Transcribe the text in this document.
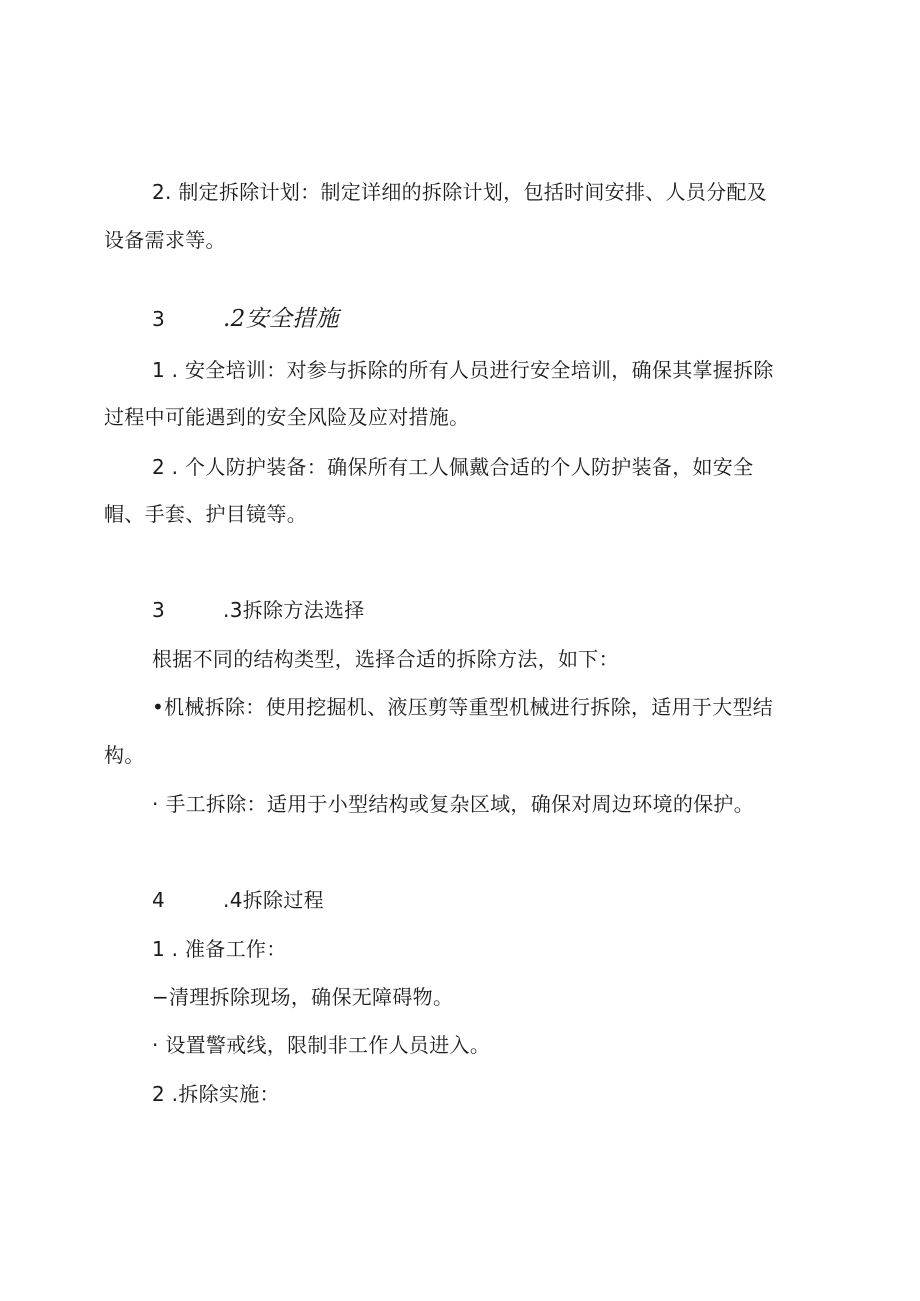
2. 制定拆除计划：制定详细的拆除计划，包括时间安排、人员分配及
设备需求等。
3	.2安全措施
1 . 安全培训：对参与拆除的所有人员进行安全培训，确保其掌握拆除
过程中可能遇到的安全风险及应对措施。
2 . 个人防护装备：确保所有工人佩戴合适的个人防护装备，如安全
帽、手套、护目镜等。
3	.3拆除方法选择
根据不同的结构类型，选择合适的拆除方法，如下：
•机械拆除：使用挖掘机、液压剪等重型机械进行拆除，适用于大型结
构。
· 手工拆除：适用于小型结构或复杂区域，确保对周边环境的保护。
4	.4拆除过程
1 . 准备工作：
−清理拆除现场，确保无障碍物。
· 设置警戒线，限制非工作人员进入。
2 .拆除实施：
